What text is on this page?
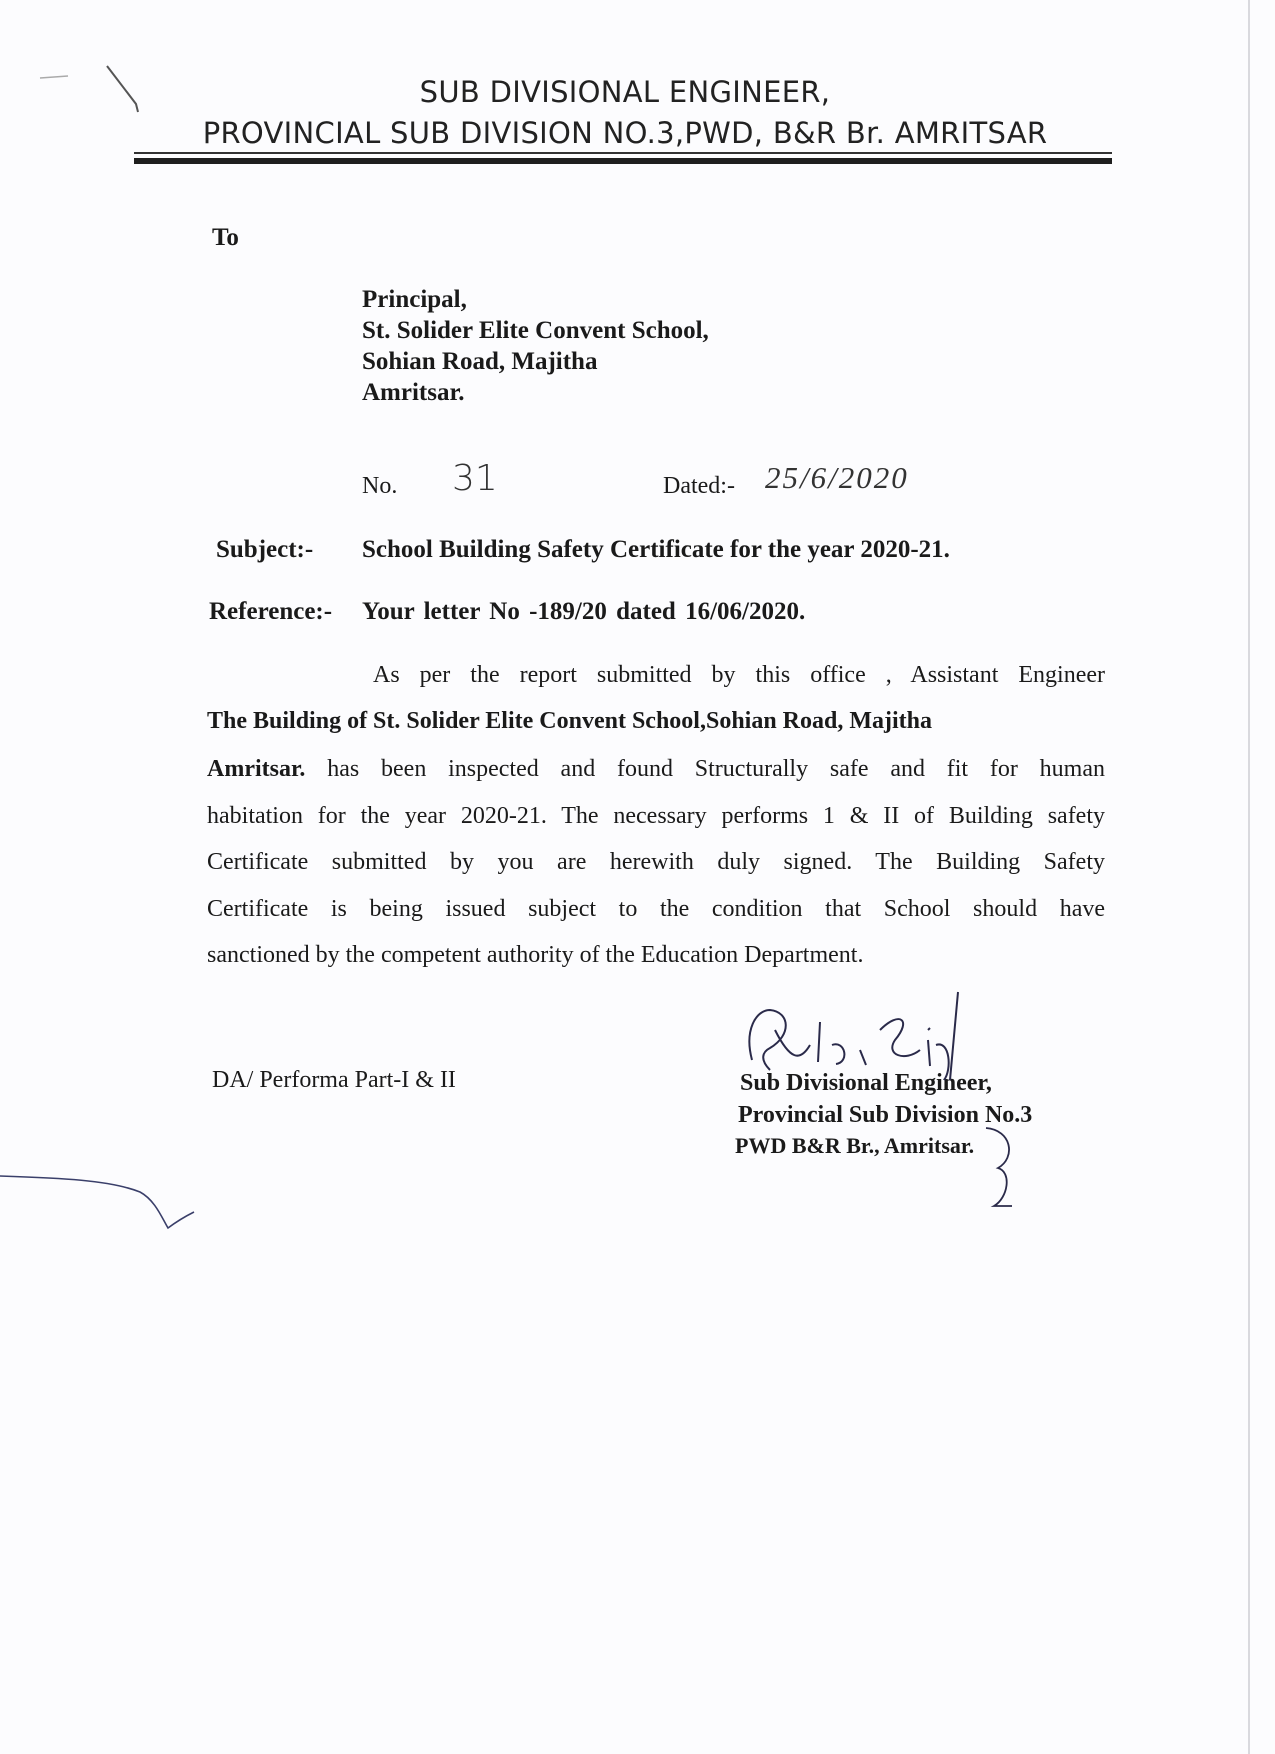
SUB DIVISIONAL ENGINEER,
PROVINCIAL SUB DIVISION NO.3,PWD, B&R Br. AMRITSAR
To
Principal,
St. Solider Elite Convent School,
Sohian Road, Majitha
Amritsar.
No. 31	Dated:- 25/6/2020
Subject:- School Building Safety Certificate for the year 2020-21.
Reference:- Your letter No -189/20 dated 16/06/2020.
As per the report submitted by this office , Assistant Engineer
The Building of St. Solider Elite Convent School,Sohian Road, Majitha
Amritsar. has been inspected and found Structurally safe and fit for human
habitation for the year 2020-21. The necessary performs 1 & II of Building safety
Certificate submitted by you are herewith duly signed. The Building Safety
Certificate is being issued subject to the condition that School should have
sanctioned by the competent authority of the Education Department.
DA/ Performa Part-I & II	Sub Divisional Engineer,
Provincial Sub Division No.3
PWD B&R Br., Amritsar.
